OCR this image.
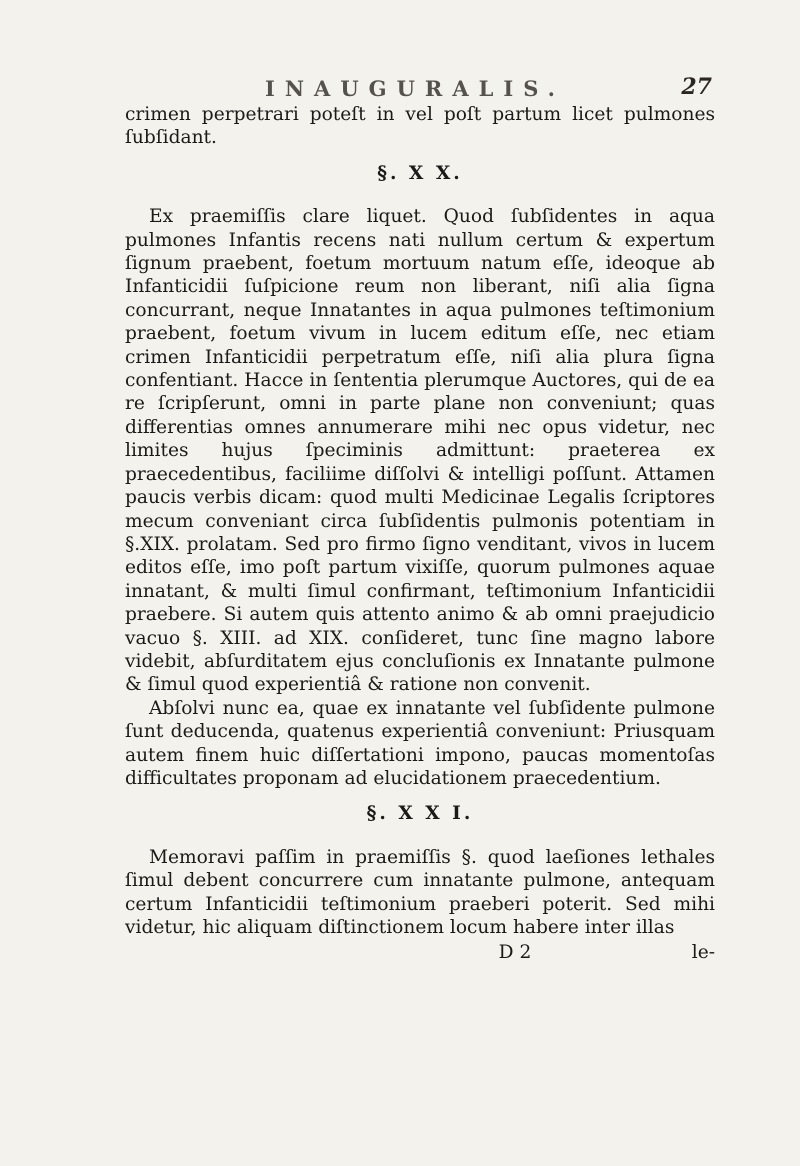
INAUGURALIS.	27

crimen perpetrari poteſt in vel poſt partum licet pulmones ſubſidant.

§. X X.

Ex praemiſſis clare liquet. Quod ſubſidentes in aqua pulmones Infantis recens nati nullum certum & expertum ſignum praebent, foetum mortuum natum eſſe, ideoque ab Infanticidii ſuſpicione reum non liberant, niſi alia ſigna concurrant, neque Innatantes in aqua pulmones teſtimonium praebent, foetum vivum in lucem editum eſſe, nec etiam crimen Infanticidii perpetratum eſſe, niſi alia plura ſigna confentiant. Hacce in ſententia plerumque Auctores, qui de ea re ſcripſerunt, omni in parte plane non conveniunt; quas differentias omnes annumerare mihi nec opus videtur, nec limites hujus ſpeciminis admittunt: praeterea ex praecedentibus, faciliime diſſolvi & intelligi poſſunt. Attamen paucis verbis dicam: quod multi Medicinae Legalis ſcriptores mecum conveniant circa ſubſidentis pulmonis potentiam in §.XIX. prolatam. Sed pro firmo ſigno venditant, vivos in lucem editos eſſe, imo poſt partum vixiſſe, quorum pulmones aquae innatant, & multi ſimul confirmant, teſtimonium Infanticidii praebere. Si autem quis attento animo & ab omni praejudicio vacuo §. XIII. ad XIX. conſideret, tunc ſine magno labore videbit, abſurditatem ejus concluſionis ex Innatante pulmone & ſimul quod experientiâ & ratione non convenit.

Abſolvi nunc ea, quae ex innatante vel ſubſidente pulmone ſunt deducenda, quatenus experientiâ conveniunt: Priusquam autem finem huic diſſertationi impono, paucas momentoſas difficultates proponam ad elucidationem praecedentium.

§. X X I.

Memoravi paſſim in praemiſſis §. quod laeſiones lethales ſimul debent concurrere cum innatante pulmone, antequam certum Infanticidii teſtimonium praeberi poterit. Sed mihi videtur, hic aliquam diſtinctionem locum habere inter illas

D 2	le-
